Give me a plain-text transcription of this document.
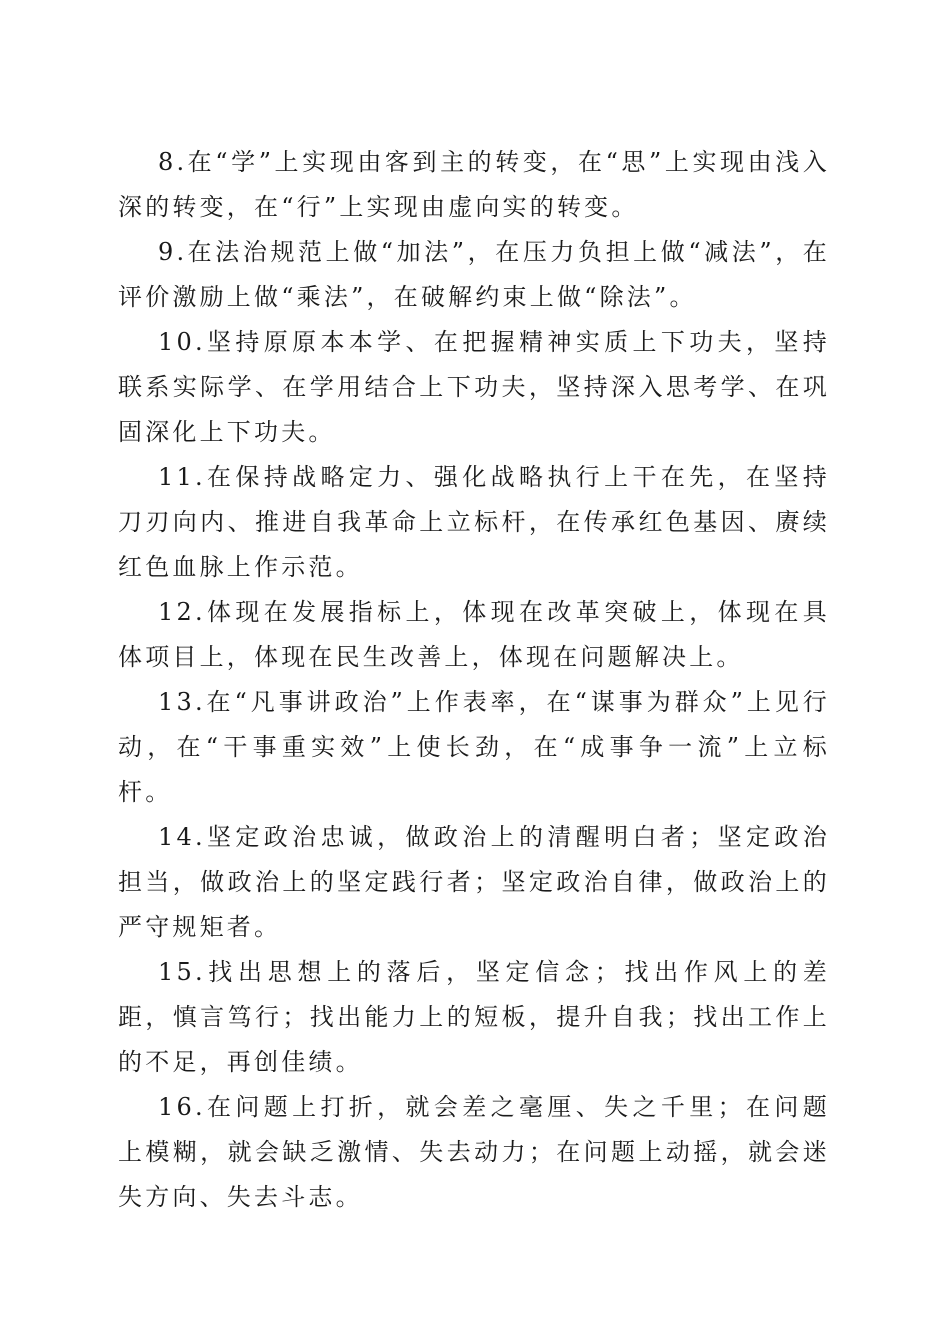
8.在“学”上实现由客到主的转变，在“思”上实现由浅入深的转变，在“行”上实现由虚向实的转变。

9.在法治规范上做“加法”，在压力负担上做“减法”，在评价激励上做“乘法”，在破解约束上做“除法”。

10.坚持原原本本学、在把握精神实质上下功夫，坚持联系实际学、在学用结合上下功夫，坚持深入思考学、在巩固深化上下功夫。

11.在保持战略定力、强化战略执行上干在先，在坚持刀刃向内、推进自我革命上立标杆，在传承红色基因、赓续红色血脉上作示范。

12.体现在发展指标上，体现在改革突破上，体现在具体项目上，体现在民生改善上，体现在问题解决上。

13.在“凡事讲政治”上作表率，在“谋事为群众”上见行动，在“干事重实效”上使长劲，在“成事争一流”上立标杆。

14.坚定政治忠诚，做政治上的清醒明白者；坚定政治担当，做政治上的坚定践行者；坚定政治自律，做政治上的严守规矩者。

15.找出思想上的落后，坚定信念；找出作风上的差距，慎言笃行；找出能力上的短板，提升自我；找出工作上的不足，再创佳绩。

16.在问题上打折，就会差之毫厘、失之千里；在问题上模糊，就会缺乏激情、失去动力；在问题上动摇，就会迷失方向、失去斗志。
